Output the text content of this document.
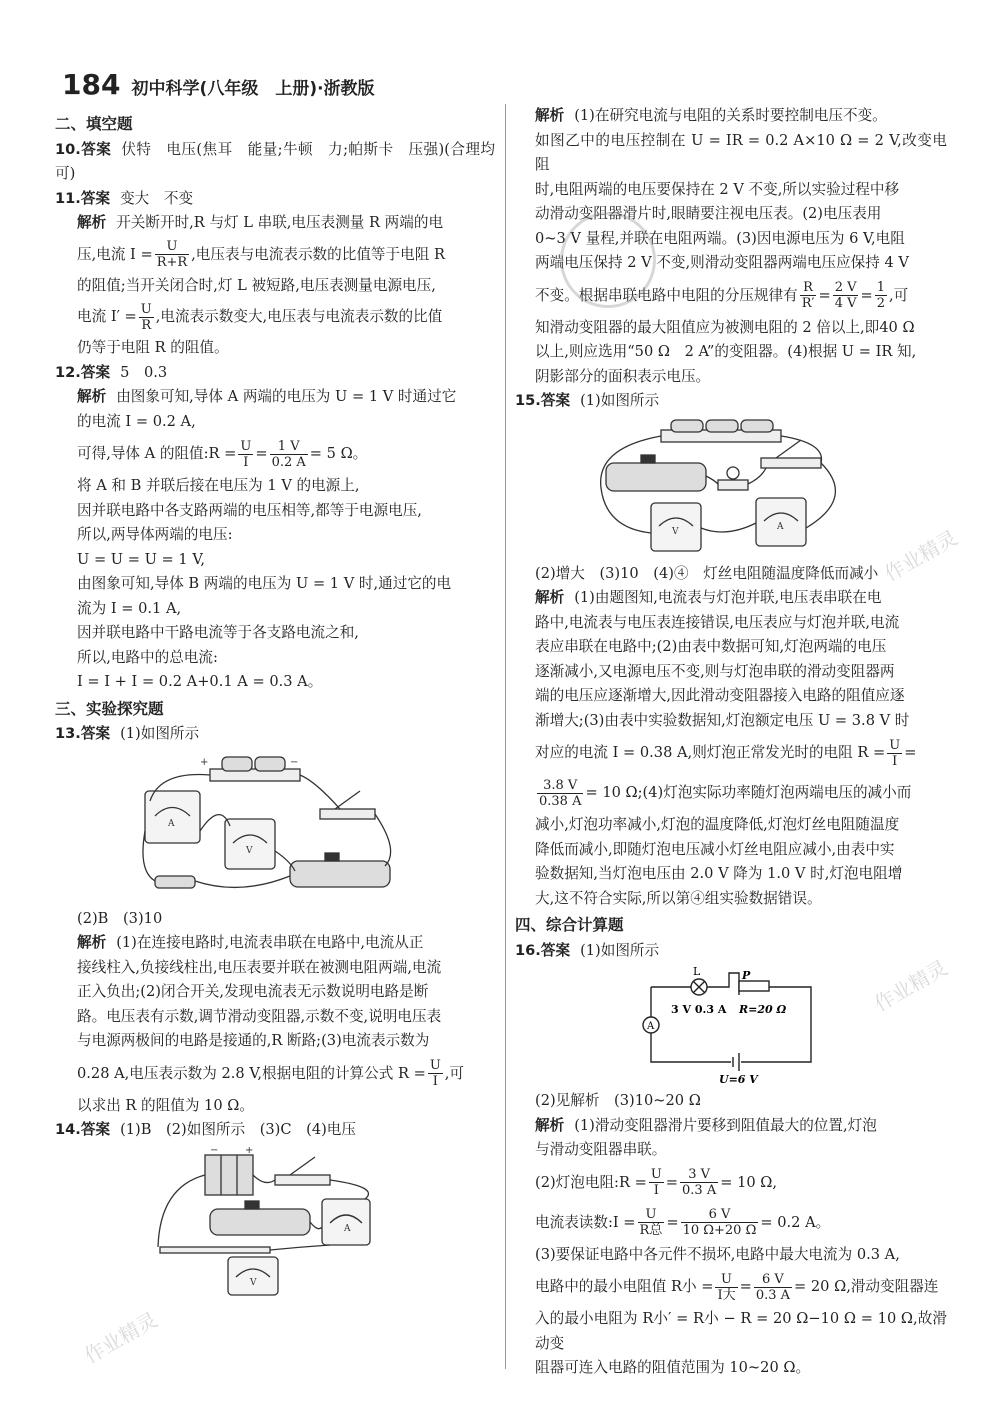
184 初中科学(八年级　上册)·浙教版
二、填空题

10.答案 伏特　电压(焦耳　能量;牛顿　力;帕斯卡　压强)(合理均可)

11.答案 变大　不变

解析 开关断开时,R 与灯 L 串联,电压表测量 R 两端的电

压,电流 $I = \frac{U}{R+R}$ ,电压表与电流表示数的比值等于电阻 R

的阻值;当开关闭合时,灯 L 被短路,电压表测量电源电压,

电流 $I' = \frac{U}{R}$ ,电流表示数变大,电压表与电流表示数的比值

仍等于电阻 R 的阻值。

12.答案 5　0.3

解析 由图象可知,导体 A 两端的电压为 U = 1 V 时通过它

的电流 I = 0.2 A,

可得,导体 A 的阻值:R = $\frac{U}{I} = \frac{1 V}{0.2 A} = 5$ Ω。

将 A 和 B 并联后接在电压为 1 V 的电源上,

因并联电路中各支路两端的电压相等,都等于电源电压,

所以,两导体两端的电压:

U = U = U = 1 V,

由图象可知,导体 B 两端的电压为 U = 1 V 时,通过它的电

流为 I = 0.1 A,

因并联电路中干路电流等于各支路电流之和,

所以,电路中的总电流:

I = I + I = 0.2 A+0.1 A = 0.3 A。

三、实验探究题

13.答案 (1)如图所示

+	−
A
V

(2)B　(3)10

解析 (1)在连接电路时,电流表串联在电路中,电流从正

接线柱入,负接线柱出,电压表要并联在被测电阻两端,电流

正入负出;(2)闭合开关,发现电流表无示数说明电路是断

路。电压表有示数,调节滑动变阻器,示数不变,说明电压表

与电源两极间的电路是接通的,R 断路;(3)电流表示数为

0.28 A,电压表示数为 2.8 V,根据电阻的计算公式 $R = \frac{U}{I}$ ,可

以求出 R 的阻值为 10 Ω。

14.答案 (1)B　(2)如图所示　(3)C　(4)电压

−	+
A
V

解析 (1)在研究电流与电阻的关系时要控制电压不变。

如图乙中的电压控制在 U = IR = 0.2 A×10 Ω = 2 V,改变电阻

时,电阻两端的电压要保持在 2 V 不变,所以实验过程中移

动滑动变阻器滑片时,眼睛要注视电压表。(2)电压表用

0~3 V 量程,并联在电阻两端。(3)因电源电压为 6 V,电阻

两端电压保持 2 V 不变,则滑动变阻器两端电压应保持 4 V

不变。根据串联电路中电阻的分压规律有 $\frac{R}{R'} = \frac{2 V}{4 V} = \frac{1}{2}$ ,可

知滑动变阻器的最大阻值应为被测电阻的 2 倍以上,即40 Ω

以上,则应选用“50 Ω　2 A”的变阻器。(4)根据 U = IR 知,

阴影部分的面积表示电压。

15.答案 (1)如图所示

V	A

(2)增大　(3)10　(4)④　灯丝电阻随温度降低而减小

解析 (1)由题图知,电流表与灯泡并联,电压表串联在电

路中,电流表与电压表连接错误,电压表应与灯泡并联,电流

表应串联在电路中;(2)由表中数据可知,灯泡两端的电压

逐渐减小,又电源电压不变,则与灯泡串联的滑动变阻器两

端的电压应逐渐增大,因此滑动变阻器接入电路的阻值应逐

渐增大;(3)由表中实验数据知,灯泡额定电压 U = 3.8 V 时

对应的电流 I = 0.38 A,则灯泡正常发光时的电阻 $R = \frac{U}{I}$ =

$\frac{3.8 V}{0.38 A} = 10$ Ω;(4)灯泡实际功率随灯泡两端电压的减小而

减小,灯泡功率减小,灯泡的温度降低,灯泡灯丝电阻随温度

降低而减小,即随灯泡电压减小灯丝电阻应减小,由表中实

验数据知,当灯泡电压由 2.0 V 降为 1.0 V 时,灯泡电阻增

大,这不符合实际,所以第④组实验数据错误。

四、综合计算题

16.答案 (1)如图所示

L	P
3 V 0.3 A R=20 Ω
A
U=6 V

(2)见解析　(3)10~20 Ω

解析 (1)滑动变阻器滑片要移到阻值最大的位置,灯泡

与滑动变阻器串联。

(2)灯泡电阻:R = $\frac{U}{I} = \frac{3 V}{0.3 A} = 10$ Ω,

电流表读数:I = $\frac{U}{\text{R总}} = \frac{6 V}{10 \Omega+20 \Omega} = 0.2$ A。

(3)要保证电路中各元件不损坏,电路中最大电流为 0.3 A,

电路中的最小电阻值 R小 = $\frac{U}{\text{I大}} = \frac{6 V}{0.3 A} = 20$ Ω,滑动变阻器连

入的最小电阻为 R小′ = R小 − R = 20 Ω−10 Ω = 10 Ω,故滑动变

阻器可连入电路的阻值范围为 10~20 Ω。

作业精灵
作业精灵
作业精灵
